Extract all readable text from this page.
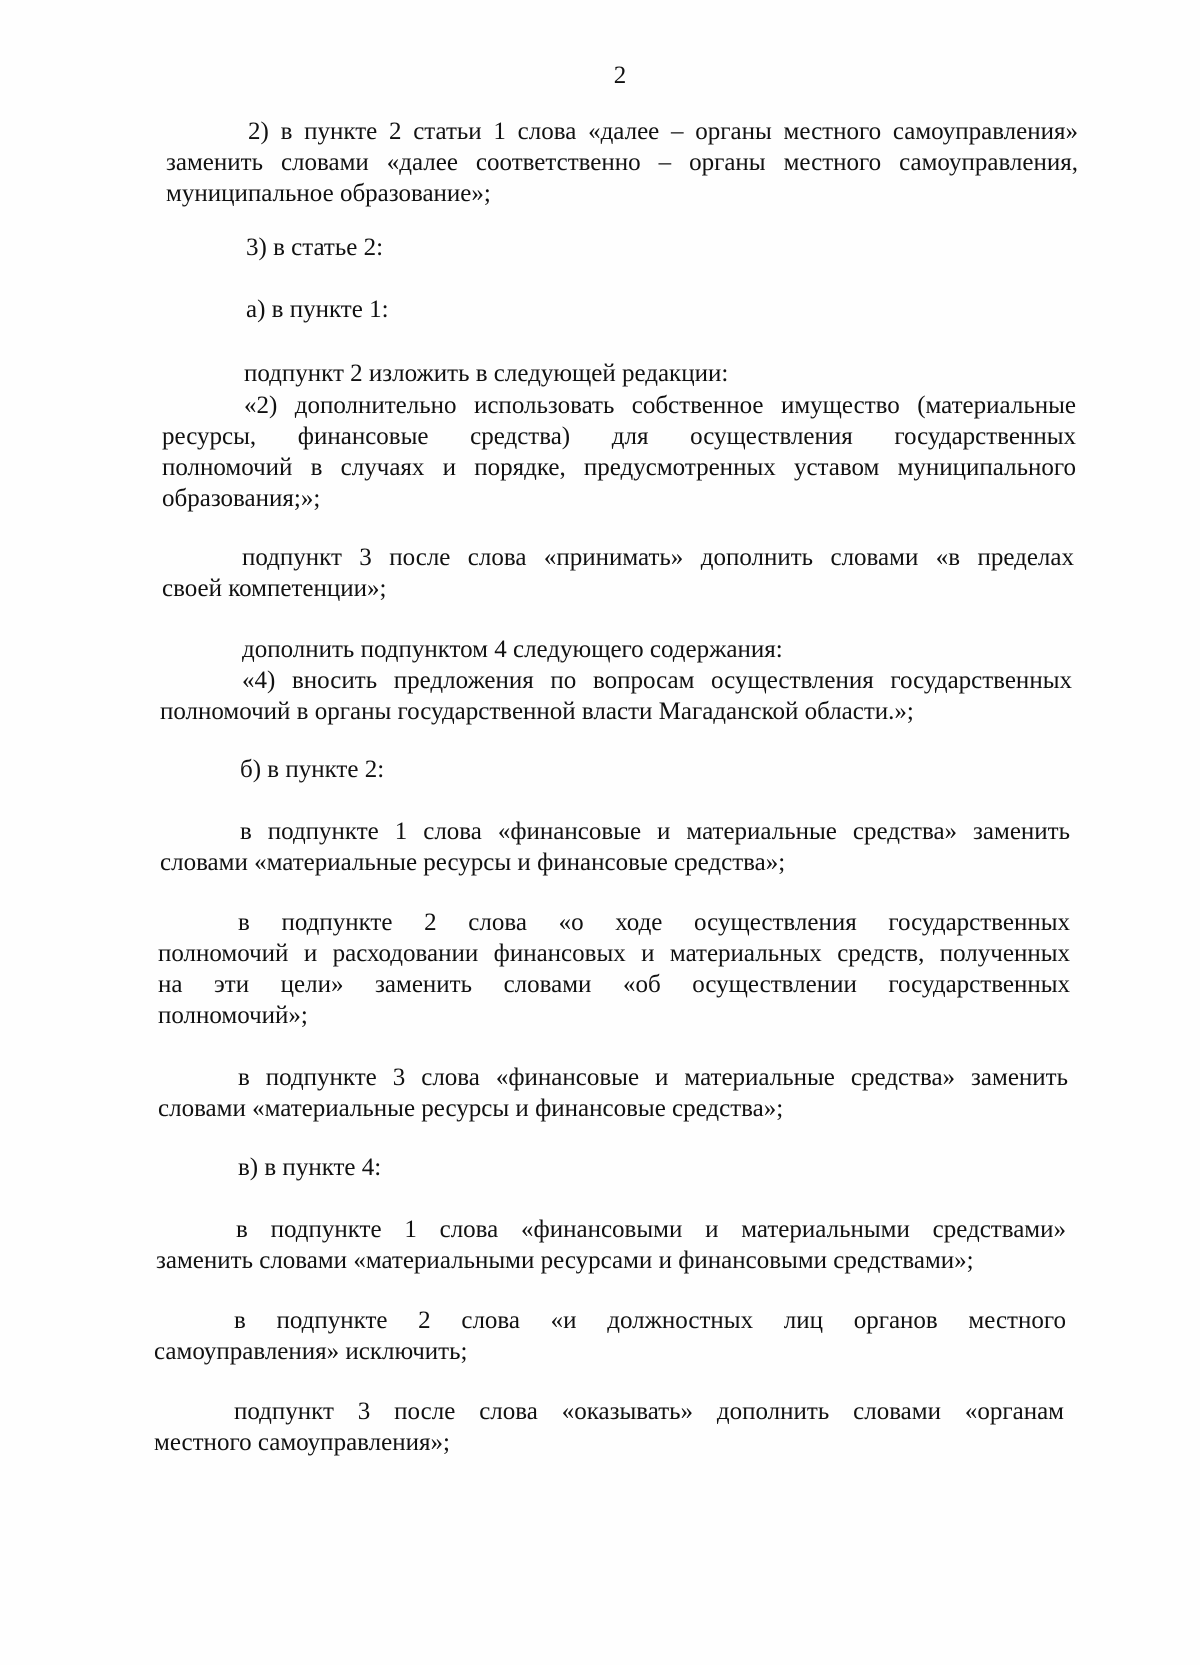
2
2) в пункте 2 статьи 1 слова «далее – органы местного самоуправления»
заменить словами «далее соответственно – органы местного самоуправления,
муниципальное образование»;
3) в статье 2:
а) в пункте 1:
подпункт 2 изложить в следующей редакции:
«2) дополнительно использовать собственное имущество (материальные
ресурсы, финансовые средства) для осуществления государственных
полномочий в случаях и порядке, предусмотренных уставом муниципального
образования;»;
подпункт 3 после слова «принимать» дополнить словами «в пределах
своей компетенции»;
дополнить подпунктом 4 следующего содержания:
«4) вносить предложения по вопросам осуществления государственных
полномочий в органы государственной власти Магаданской области.»;
б) в пункте 2:
в подпункте 1 слова «финансовые и материальные средства» заменить
словами «материальные ресурсы и финансовые средства»;
в подпункте 2 слова «о ходе осуществления государственных
полномочий и расходовании финансовых и материальных средств, полученных
на эти цели» заменить словами «об осуществлении государственных
полномочий»;
в подпункте 3 слова «финансовые и материальные средства» заменить
словами «материальные ресурсы и финансовые средства»;
в) в пункте 4:
в подпункте 1 слова «финансовыми и материальными средствами»
заменить словами «материальными ресурсами и финансовыми средствами»;
в подпункте 2 слова «и должностных лиц органов местного
самоуправления» исключить;
подпункт 3 после слова «оказывать» дополнить словами «органам
местного самоуправления»;
